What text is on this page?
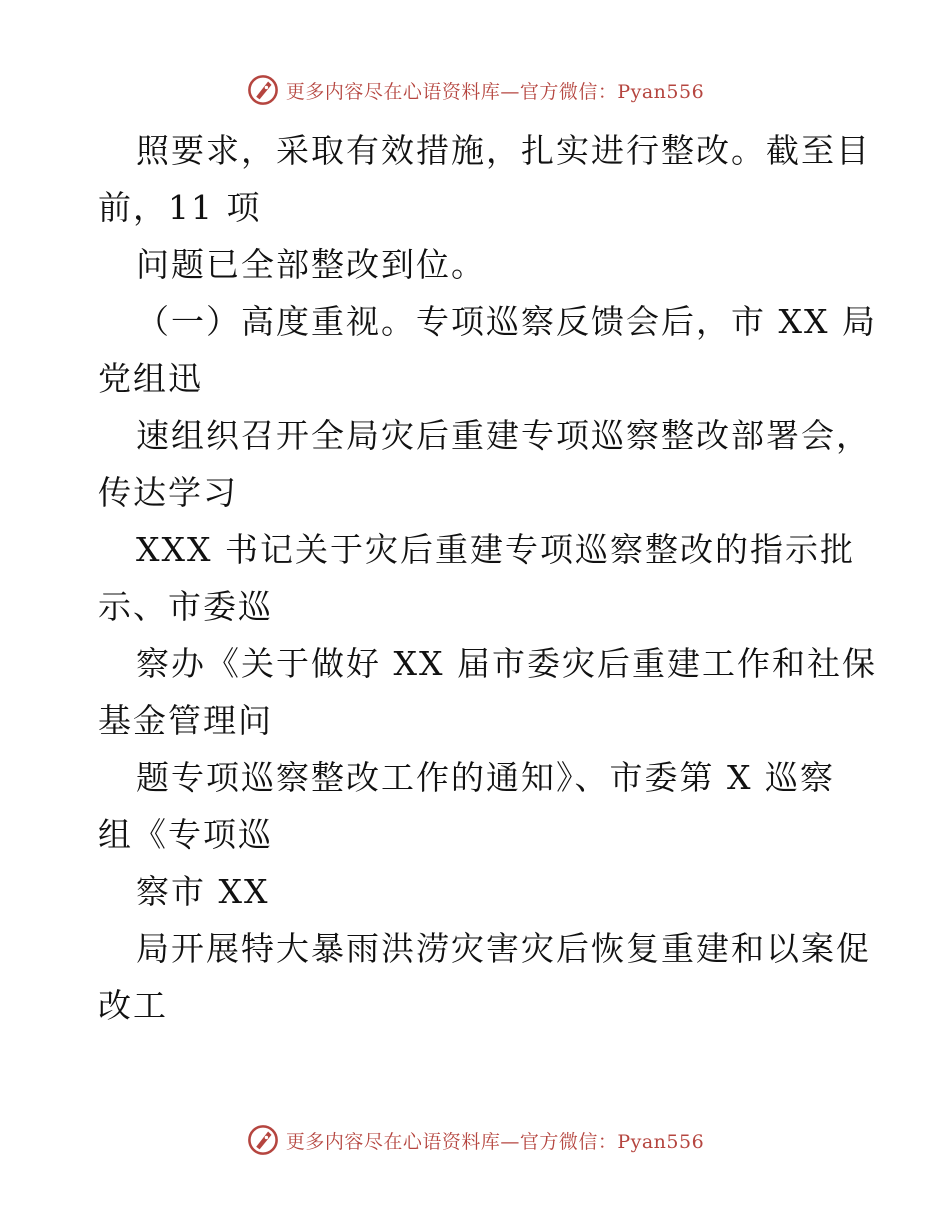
更多内容尽在心语资料库—官方微信：Pyan556
照要求，采取有效措施，扎实进行整改。截至目
前，11 项
问题已全部整改到位。
（一）高度重视。专项巡察反馈会后，市 XX 局
党组迅
速组织召开全局灾后重建专项巡察整改部署会，
传达学习
XXX 书记关于灾后重建专项巡察整改的指示批
示、市委巡
察办《关于做好 XX 届市委灾后重建工作和社保
基金管理问
题专项巡察整改工作的通知》、市委第 X 巡察
组《专项巡
察市 XX
局开展特大暴雨洪涝灾害灾后恢复重建和以案促
改工
更多内容尽在心语资料库—官方微信：Pyan556
